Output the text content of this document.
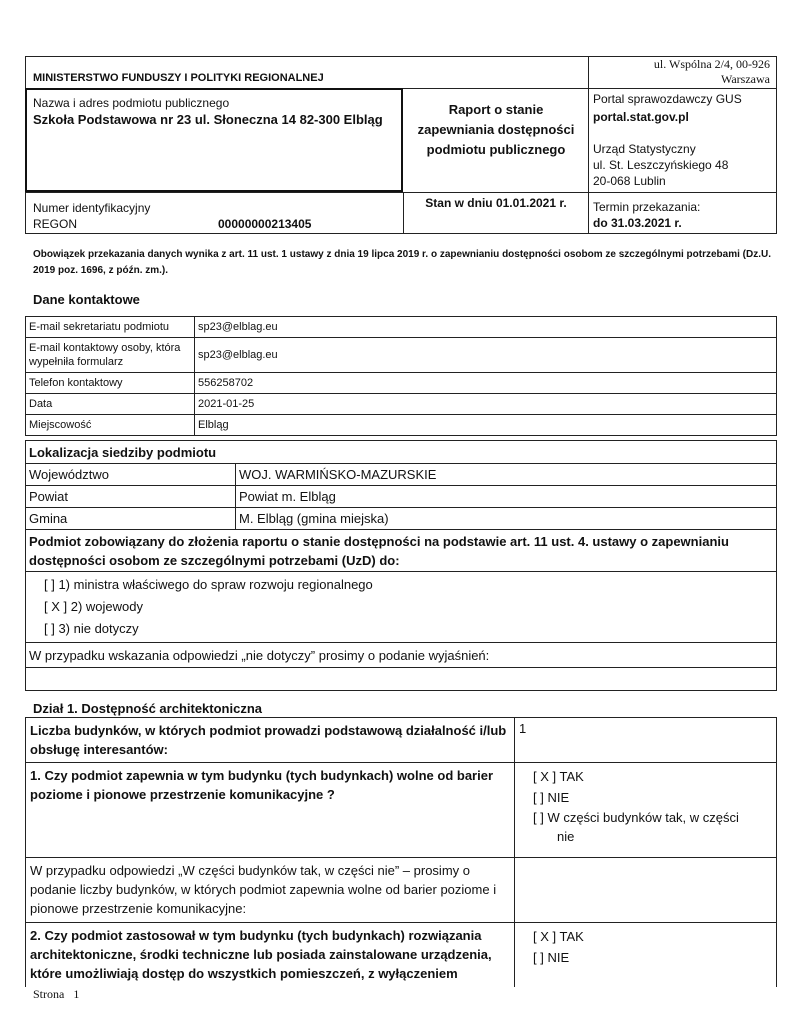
MINISTERSTWO FUNDUSZY I POLITYKI REGIONALNEJ
ul. Wspólna 2/4, 00-926
Warszawa
Nazwa i adres podmiotu publicznego
Szkoła Podstawowa nr 23 ul. Słoneczna 14 82-300 Elbląg
Raport o stanie zapewniania dostępności podmiotu publicznego
Portal sprawozdawczy GUS
portal.stat.gov.pl
Urząd Statystyczny
ul. St. Leszczyńskiego 48
20-068 Lublin
Numer identyfikacyjny
REGON	00000000213405
Stan w dniu 01.01.2021 r.	Termin przekazania:
do 31.03.2021 r.
Obowiązek przekazania danych wynika z art. 11 ust. 1 ustawy z dnia 19 lipca 2019 r. o zapewnianiu dostępności osobom ze szczególnymi potrzebami (Dz.U. 2019 poz. 1696, z późn. zm.).
Dane kontaktowe
E-mail sekretariatu podmiotu	sp23@elblag.eu
E-mail kontaktowy osoby, która wypełniła formularz	sp23@elblag.eu
Telefon kontaktowy	556258702
Data	2021-01-25
Miejscowość	Elbląg
Lokalizacja siedziby podmiotu	
Województwo	WOJ. WARMIŃSKO-MAZURSKIE
Powiat	Powiat m. Elbląg
Gmina	M. Elbląg (gmina miejska)
Podmiot zobowiązany do złożenia raportu o stanie dostępności na podstawie art. 11 ust. 4. ustawy o zapewnianiu dostępności osobom ze szczególnymi potrzebami (UzD) do:	

[ ] 1) ministra właściwego do spraw rozwoju regionalnego
[ X ] 2) wojewody
[ ] 3) nie dotyczy	

W przypadku wskazania odpowiedzi „nie dotyczy” prosimy o podanie wyjaśnień:	

Dział 1. Dostępność architektoniczna
Liczba budynków, w których podmiot prowadzi podstawową działalność i/lub obsługę interesantów:	1
1. Czy podmiot zapewnia w tym budynku (tych budynkach) wolne od barier poziome i pionowe przestrzenie komunikacyjne ?	[ X ] TAK
[ ] NIE
[ ] W części budynków tak, w części nie

W przypadku odpowiedzi „W części budynków tak, w części nie” – prosimy o podanie liczby budynków, w których podmiot zapewnia wolne od barier poziome i pionowe przestrzenie komunikacyjne:	
2. Czy podmiot zastosował w tym budynku (tych budynkach) rozwiązania architektoniczne, środki techniczne lub posiada zainstalowane urządzenia, które umożliwiają dostęp do wszystkich pomieszczeń, z wyłączeniem	[ X ] TAK
[ ] NIE
Strona 1
